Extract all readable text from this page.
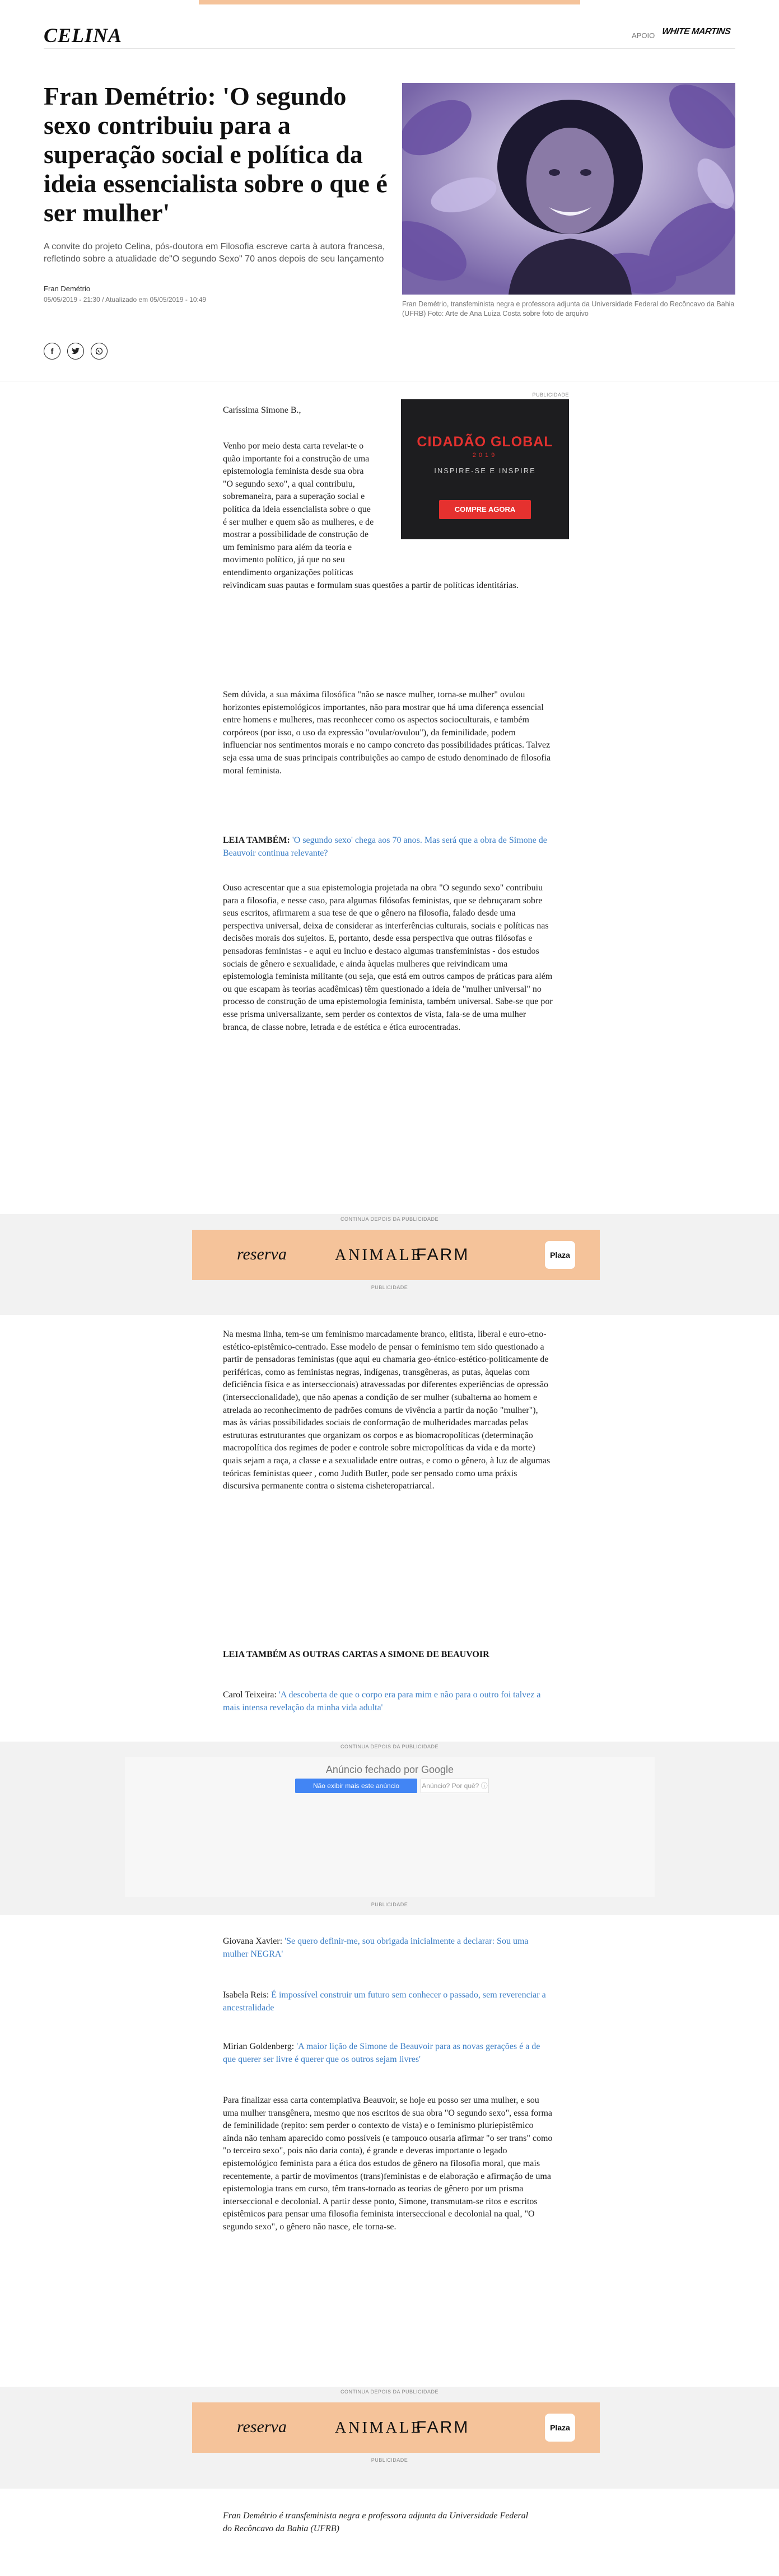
CELINA	APOIO WHITE MARTINS
Fran Demétrio: 'O segundo sexo contribuiu para a superação social e política da ideia essencialista sobre o que é ser mulher'

A convite do projeto Celina, pós-doutora em Filosofia escreve carta à autora francesa, refletindo sobre a atualidade de"O segundo Sexo" 70 anos depois de seu lançamento

Fran Demétrio
05/05/2019 - 21:30 / Atualizado em 05/05/2019 - 10:49
Fran Demétrio, transfeminista negra e professora adjunta da Universidade Federal do Recôncavo da Bahia (UFRB) Foto: Arte de Ana Luiza Costa sobre foto de arquivo
f
PUBLICIDADE
CIDADÃO GLOBAL
2019
INSPIRE-SE E INSPIRE
COMPRE AGORA

Caríssima Simone B.,

Venho por meio desta carta revelar-te o quão importante foi a construção de uma epistemologia feminista desde sua obra "O segundo sexo", a qual contribuiu, sobremaneira, para a superação social e política da ideia essencialista sobre o que é ser mulher e quem são as mulheres, e de mostrar a possibilidade de construção de um feminismo para além da teoria e movimento político, já que no seu entendimento organizações políticas reivindicam suas pautas e formulam suas questões a partir de políticas identitárias.

Sem dúvida, a sua máxima filosófica "não se nasce mulher, torna-se mulher" ovulou horizontes epistemológicos importantes, não para mostrar que há uma diferença essencial entre homens e mulheres, mas reconhecer como os aspectos socioculturais, e também corpóreos (por isso, o uso da expressão "ovular/ovulou"), da feminilidade, podem influenciar nos sentimentos morais e no campo concreto das possibilidades práticas. Talvez seja essa uma de suas principais contribuições ao campo de estudo denominado de filosofia moral feminista.

LEIA TAMBÉM: 'O segundo sexo' chega aos 70 anos. Mas será que a obra de Simone de Beauvoir continua relevante?

Ouso acrescentar que a sua epistemologia projetada na obra "O segundo sexo" contribuiu para a filosofia, e nesse caso, para algumas filósofas feministas, que se debruçaram sobre seus escritos, afirmarem a sua tese de que o gênero na filosofia, falado desde uma perspectiva universal, deixa de considerar as interferências culturais, sociais e políticas nas decisões morais dos sujeitos. E, portanto, desde essa perspectiva que outras filósofas e pensadoras feministas - e aqui eu incluo e destaco algumas transfeministas - dos estudos sociais de gênero e sexualidade, e ainda àquelas mulheres que reivindicam uma epistemologia feminista militante (ou seja, que está em outros campos de práticas para além ou que escapam às teorias acadêmicas) têm questionado a ideia de "mulher universal" no processo de construção de uma epistemologia feminista, também universal. Sabe-se que por esse prisma universalizante, sem perder os contextos de vista, fala-se de uma mulher branca, de classe nobre, letrada e de estética e ética eurocentradas.

CONTINUA DEPOIS DA PUBLICIDADE
reserva	ANIMALE
FARM	Plaza
PUBLICIDADE

Na mesma linha, tem-se um feminismo marcadamente branco, elitista, liberal e euro-etno-estético-epistêmico-centrado. Esse modelo de pensar o feminismo tem sido questionado a partir de pensadoras feministas (que aqui eu chamaria geo-étnico-estético-politicamente de periféricas, como as feministas negras, indígenas, transgêneras, as putas, àquelas com deficiência física e as interseccionais) atravessadas por diferentes experiências de opressão (interseccionalidade), que não apenas a condição de ser mulher (subalterna ao homem e atrelada ao reconhecimento de padrões comuns de vivência a partir da noção "mulher"), mas às várias possibilidades sociais de conformação de mulheridades marcadas pelas estruturas estruturantes que organizam os corpos e as biomacropolíticas (determinação macropolítica dos regimes de poder e controle sobre micropolíticas da vida e da morte) quais sejam a raça, a classe e a sexualidade entre outras, e como o gênero, à luz de algumas teóricas feministas queer , como Judith Butler, pode ser pensado como uma práxis discursiva permanente contra o sistema cisheteropatriarcal.

LEIA TAMBÉM AS OUTRAS CARTAS A SIMONE DE BEAUVOIR

Carol Teixeira: 'A descoberta de que o corpo era para mim e não para o outro foi talvez a mais intensa revelação da minha vida adulta'

CONTINUA DEPOIS DA PUBLICIDADE
Anúncio fechado por Google
Não exibir mais este anúncio	Anúncio? Por quê? ⓘ
PUBLICIDADE

Giovana Xavier: 'Se quero definir-me, sou obrigada inicialmente a declarar: Sou uma mulher NEGRA'

Isabela Reis: É impossível construir um futuro sem conhecer o passado, sem reverenciar a ancestralidade

Mirian Goldenberg: 'A maior lição de Simone de Beauvoir para as novas gerações é a de que querer ser livre é querer que os outros sejam livres'

Para finalizar essa carta contemplativa Beauvoir, se hoje eu posso ser uma mulher, e sou uma mulher transgênera, mesmo que nos escritos de sua obra "O segundo sexo", essa forma de feminilidade (repito: sem perder o contexto de vista) e o feminismo pluriepistêmico ainda não tenham aparecido como possíveis (e tampouco ousaria afirmar "o ser trans" como "o terceiro sexo", pois não daria conta), é grande e deveras importante o legado epistemológico feminista para a ética dos estudos de gênero na filosofia moral, que mais recentemente, a partir de movimentos (trans)feministas e de elaboração e afirmação de uma epistemologia trans em curso, têm trans-tornado as teorias de gênero por um prisma interseccional e decolonial. A partir desse ponto, Simone, transmutam-se ritos e escritos epistêmicos para pensar uma filosofia feminista interseccional e decolonial na qual, "O segundo sexo", o gênero não nasce, ele torna-se.

CONTINUA DEPOIS DA PUBLICIDADE
reserva	ANIMALE
FARM	Plaza
PUBLICIDADE

Fran Demétrio é transfeminista negra e professora adjunta da Universidade Federal do Recôncavo da Bahia (UFRB)
